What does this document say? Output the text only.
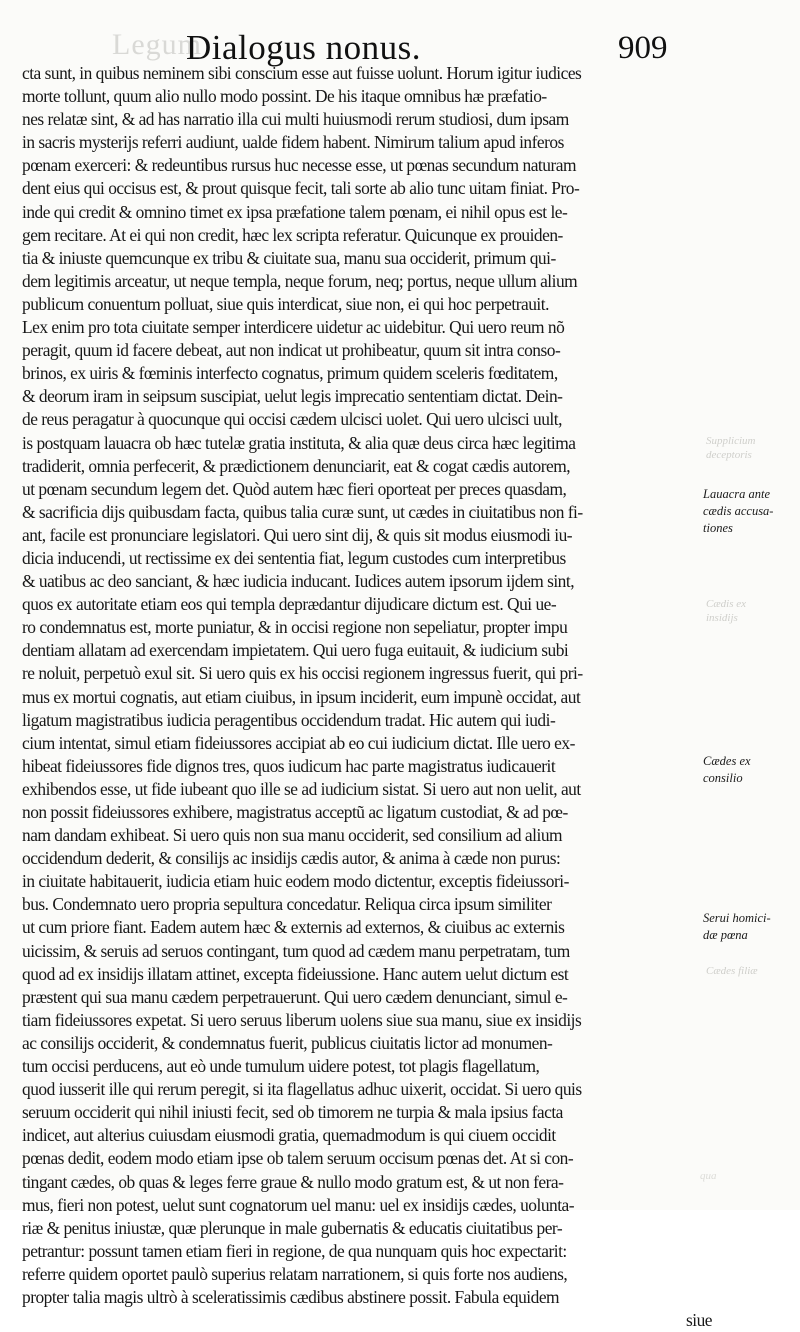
Legum
Dialogus nonus.	909
cta sunt, in quibus neminem sibi conscium esse aut fuisse uolunt. Horum igitur iudices
morte tollunt, quum alio nullo modo possint. De his itaque omnibus hæ præfatio-
nes relatæ sint, & ad has narratio illa cui multi huiusmodi rerum studiosi, dum ipsam
in sacris mysterijs referri audiunt, ualde fidem habent. Nimirum talium apud inferos
pœnam exerceri: & redeuntibus rursus huc necesse esse, ut pœnas secundum naturam
dent eius qui occisus est, & prout quisque fecit, tali sorte ab alio tunc uitam finiat. Pro-
inde qui credit & omnino timet ex ipsa præfatione talem pœnam, ei nihil opus est le-
gem recitare. At ei qui non credit, hæc lex scripta referatur. Quicunque ex prouiden-
tia & iniuste quemcunque ex tribu & ciuitate sua, manu sua occiderit, primum qui-
dem legitimis arceatur, ut neque templa, neque forum, neq; portus, neque ullum alium
publicum conuentum polluat, siue quis interdicat, siue non, ei qui hoc perpetrauit.
Lex enim pro tota ciuitate semper interdicere uidetur ac uidebitur. Qui uero reum nõ
peragit, quum id facere debeat, aut non indicat ut prohibeatur, quum sit intra conso-
brinos, ex uiris & fœminis interfecto cognatus, primum quidem sceleris fœditatem,
& deorum iram in seipsum suscipiat, uelut legis imprecatio sententiam dictat. Dein-
de reus peragatur à quocunque qui occisi cædem ulcisci uolet. Qui uero ulcisci uult,
is postquam lauacra ob hæc tutelæ gratia instituta, & alia quæ deus circa hæc legitima
tradiderit, omnia perfecerit, & prædictionem denunciarit, eat & cogat cædis autorem,
ut pœnam secundum legem det. Quòd autem hæc fieri oporteat per preces quasdam,
& sacrificia dijs quibusdam facta, quibus talia curæ sunt, ut cædes in ciuitatibus non fi-
ant, facile est pronunciare legislatori. Qui uero sint dij, & quis sit modus eiusmodi iu-
dicia inducendi, ut rectissime ex dei sententia fiat, legum custodes cum interpretibus
& uatibus ac deo sanciant, & hæc iudicia inducant. Iudices autem ipsorum ijdem sint,
quos ex autoritate etiam eos qui templa deprædantur dijudicare dictum est. Qui ue-
ro condemnatus est, morte puniatur, & in occisi regione non sepeliatur, propter impu
dentiam allatam ad exercendam impietatem. Qui uero fuga euitauit, & iudicium subi
re noluit, perpetuò exul sit. Si uero quis ex his occisi regionem ingressus fuerit, qui pri-
mus ex mortui cognatis, aut etiam ciuibus, in ipsum inciderit, eum impunè occidat, aut
ligatum magistratibus iudicia peragentibus occidendum tradat. Hic autem qui iudi-
cium intentat, simul etiam fideiussores accipiat ab eo cui iudicium dictat. Ille uero ex-
hibeat fideiussores fide dignos tres, quos iudicum hac parte magistratus iudicauerit
exhibendos esse, ut fide iubeant quo ille se ad iudicium sistat. Si uero aut non uelit, aut
non possit fideiussores exhibere, magistratus acceptũ ac ligatum custodiat, & ad pœ-
nam dandam exhibeat. Si uero quis non sua manu occiderit, sed consilium ad alium
occidendum dederit, & consilijs ac insidijs cædis autor, & anima à cæde non purus:
in ciuitate habitauerit, iudicia etiam huic eodem modo dictentur, exceptis fideiussori-
bus. Condemnato uero propria sepultura concedatur. Reliqua circa ipsum similiter
ut cum priore fiant. Eadem autem hæc & externis ad externos, & ciuibus ac externis
uicissim, & seruis ad seruos contingant, tum quod ad cædem manu perpetratam, tum
quod ad ex insidijs illatam attinet, excepta fideiussione. Hanc autem uelut dictum est
præstent qui sua manu cædem perpetrauerunt. Qui uero cædem denunciant, simul e-
tiam fideiussores expetat. Si uero seruus liberum uolens siue sua manu, siue ex insidijs
ac consilijs occiderit, & condemnatus fuerit, publicus ciuitatis lictor ad monumen-
tum occisi perducens, aut eò unde tumulum uidere potest, tot plagis flagellatum,
quod iusserit ille qui rerum peregit, si ita flagellatus adhuc uixerit, occidat. Si uero quis
seruum occiderit qui nihil iniusti fecit, sed ob timorem ne turpia & mala ipsius facta
indicet, aut alterius cuiusdam eiusmodi gratia, quemadmodum is qui ciuem occidit
pœnas dedit, eodem modo etiam ipse ob talem seruum occisum pœnas det. At si con-
tingant cædes, ob quas & leges ferre graue & nullo modo gratum est, & ut non fera-
mus, fieri non potest, uelut sunt cognatorum uel manu: uel ex insidijs cædes, uolunta-
riæ & penitus iniustæ, quæ plerunque in male gubernatis & educatis ciuitatibus per-
petrantur: possunt tamen etiam fieri in regione, de qua nunquam quis hoc expectarit:
referre quidem oportet paulò superius relatam narrationem, si quis forte nos audiens,
propter talia magis ultrò à sceleratissimis cædibus abstinere possit. Fabula equidem
siue
Lauacra ante
cædis accusa-
tiones
Cædes ex
consilio
Serui homici-
dæ pœna
Supplicium
deceptoris
Cædis ex
insidijs
Cædes filiæ
qua
